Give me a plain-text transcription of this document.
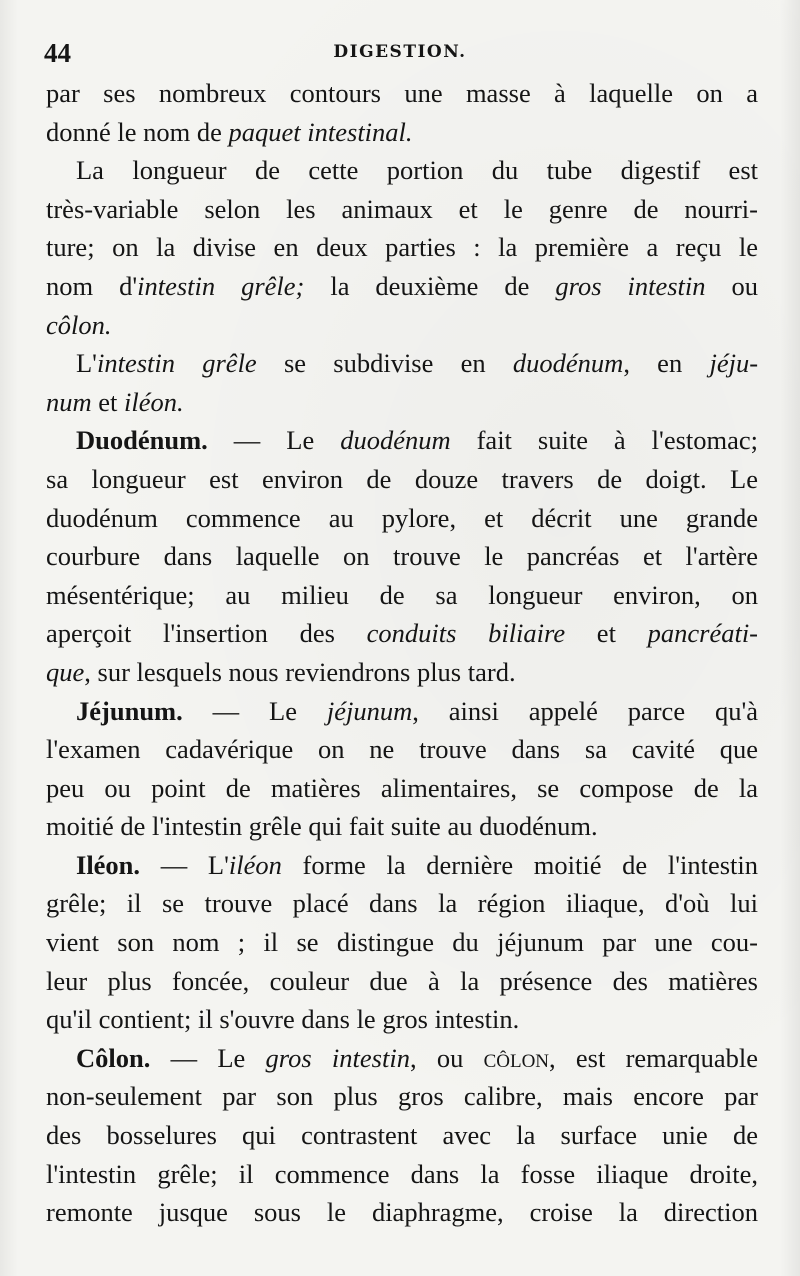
44	DIGESTION.
par ses nombreux contours une masse à laquelle on a
donné le nom de paquet intestinal.
La longueur de cette portion du tube digestif est
très-variable selon les animaux et le genre de nourri-
ture; on la divise en deux parties : la première a reçu le
nom d'intestin grêle; la deuxième de gros intestin ou
côlon.
L'intestin grêle se subdivise en duodénum, en jéju-
num et iléon.
Duodénum. — Le duodénum fait suite à l'estomac;
sa longueur est environ de douze travers de doigt. Le
duodénum commence au pylore, et décrit une grande
courbure dans laquelle on trouve le pancréas et l'artère
mésentérique; au milieu de sa longueur environ, on
aperçoit l'insertion des conduits biliaire et pancréati-
que, sur lesquels nous reviendrons plus tard.
Jéjunum. — Le jéjunum, ainsi appelé parce qu'à
l'examen cadavérique on ne trouve dans sa cavité que
peu ou point de matières alimentaires, se compose de la
moitié de l'intestin grêle qui fait suite au duodénum.
Iléon. — L'iléon forme la dernière moitié de l'intestin
grêle; il se trouve placé dans la région iliaque, d'où lui
vient son nom ; il se distingue du jéjunum par une cou-
leur plus foncée, couleur due à la présence des matières
qu'il contient; il s'ouvre dans le gros intestin.
Côlon. — Le gros intestin, ou côlon, est remarquable
non-seulement par son plus gros calibre, mais encore par
des bosselures qui contrastent avec la surface unie de
l'intestin grêle; il commence dans la fosse iliaque droite,
remonte jusque sous le diaphragme, croise la direction
